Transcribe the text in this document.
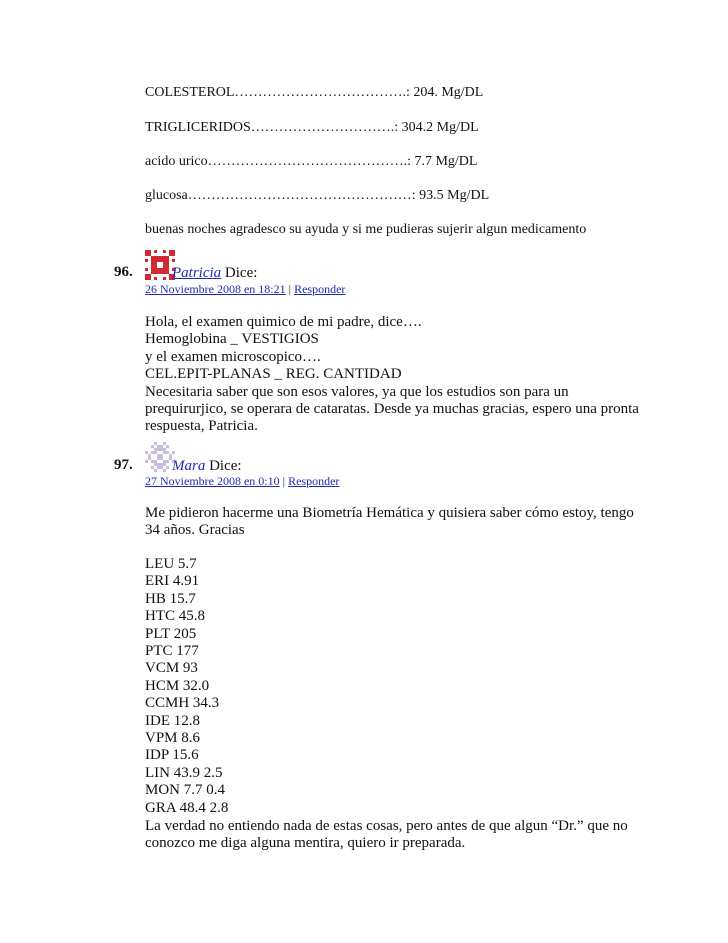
COLESTEROL……………………………….: 204. Mg/DL
TRIGLICERIDOS………………………….: 304.2 Mg/DL
acido urico…………………………………….: 7.7 Mg/DL
glucosa…………………………………………: 93.5 Mg/DL
buenas noches agradesco su ayuda y si me pudieras sujerir algun medicamento
96.	Patricia Dice:
26 Noviembre 2008 en 18:21 | Responder
Hola, el examen quimico de mi padre, dice….
Hemoglobina _ VESTIGIOS
y el examen microscopico….
CEL.EPIT-PLANAS _ REG. CANTIDAD
Necesitaria saber que son esos valores, ya que los estudios son para un
prequirurjico, se operara de cataratas. Desde ya muchas gracias, espero una pronta
respuesta, Patricia.
97.	Mara Dice:
27 Noviembre 2008 en 0:10 | Responder
Me pidieron hacerme una Biometría Hemática y quisiera saber cómo estoy, tengo
34 años. Gracias
LEU 5.7
ERI 4.91
HB 15.7
HTC 45.8
PLT 205
PTC 177
VCM 93
HCM 32.0
CCMH 34.3
IDE 12.8
VPM 8.6
IDP 15.6
LIN 43.9 2.5
MON 7.7 0.4
GRA 48.4 2.8
La verdad no entiendo nada de estas cosas, pero antes de que algun “Dr.” que no
conozco me diga alguna mentira, quiero ir preparada.
